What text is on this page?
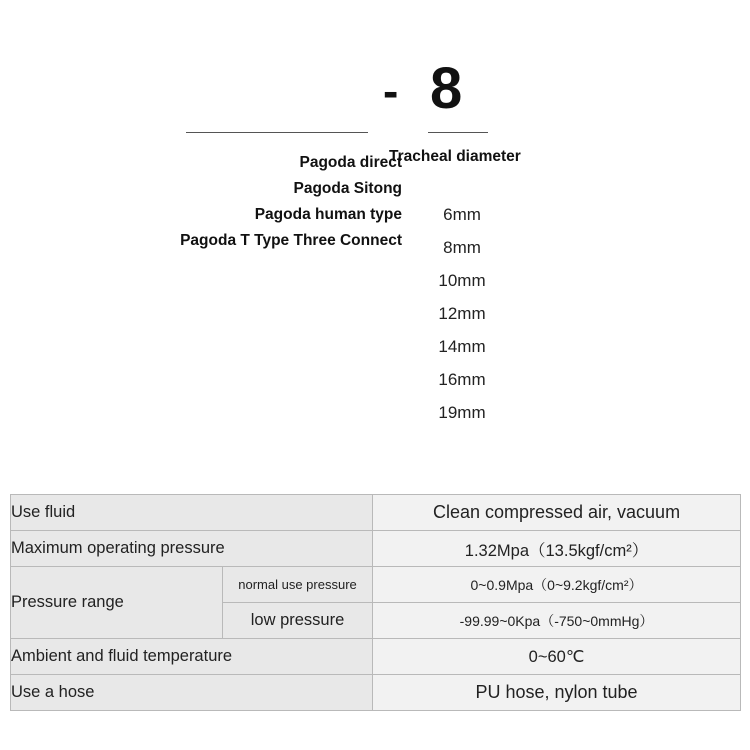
- 8
Tracheal diameter
Pagoda direct
Pagoda Sitong
Pagoda human type
Pagoda T Type Three Connect
6mm
8mm
10mm
12mm
14mm
16mm
19mm
Use fluid		Clean compressed air, vacuum
Maximum operating pressure		1.32Mpa（13.5kgf/cm²）
Pressure range	normal use pressure	0~0.9Mpa（0~9.2kgf/cm²）
	low pressure	-99.99~0Kpa（-750~0mmHg）
Ambient and fluid temperature		0~60℃
Use a hose		PU hose, nylon tube
